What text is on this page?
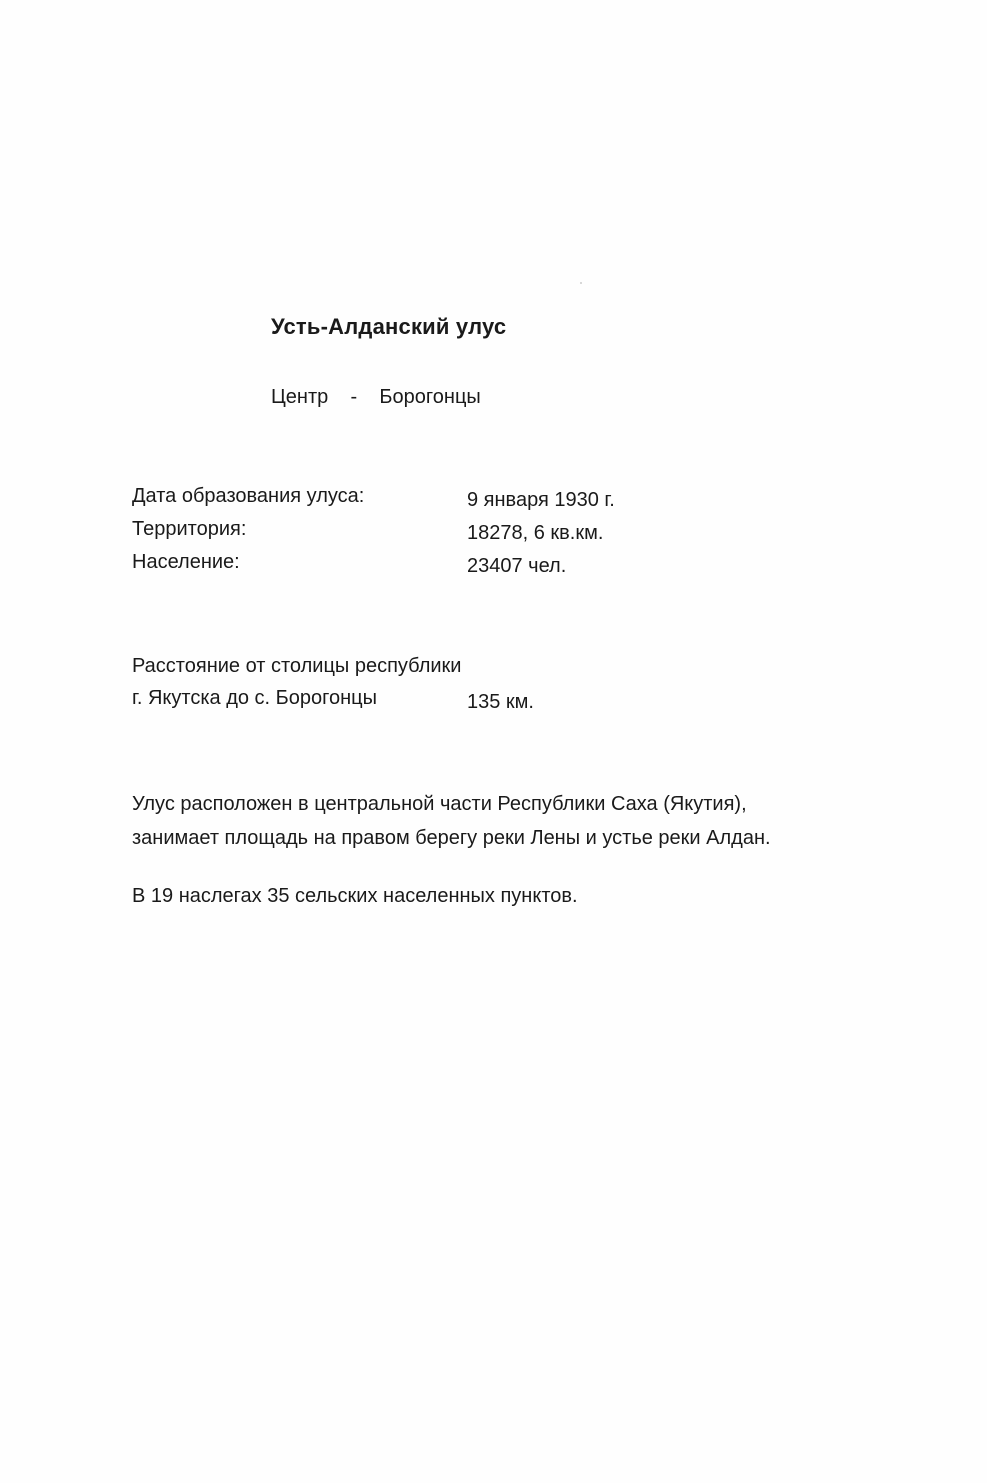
Усть-Алданский улус
Центр - Борогонцы
Дата образования улуса:	9 января 1930 г.
Территория:	18278, 6 кв.км.
Население:	23407 чел.
Расстояние от столицы республики
г. Якутска до с. Борогонцы	135 км.
Улус расположен в центральной части Республики Саха (Якутия),
занимает площадь на правом берегу реки Лены и устье реки Алдан.
В 19 наслегах 35 сельских населенных пунктов.
